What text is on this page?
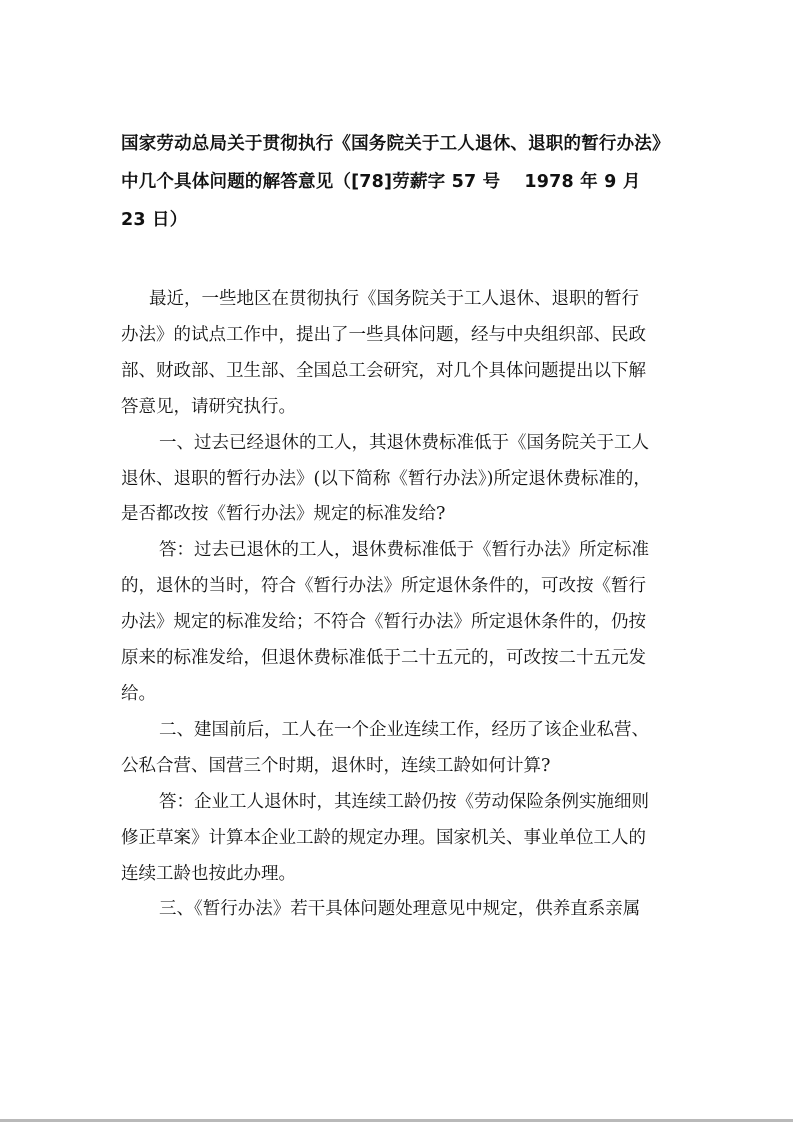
国家劳动总局关于贯彻执行《国务院关于工人退休、退职的暂行办法》
中几个具体问题的解答意见（[78]劳薪字 57 号　 1978 年 9 月
23 日）

最近，一些地区在贯彻执行《国务院关于工人退休、退职的暂行
办法》的试点工作中，提出了一些具体问题，经与中央组织部、民政
部、财政部、卫生部、全国总工会研究，对几个具体问题提出以下解
答意见，请研究执行。

一、过去已经退休的工人，其退休费标准低于《国务院关于工人
退休、退职的暂行办法》(以下简称《暂行办法》)所定退休费标准的，
是否都改按《暂行办法》规定的标准发给?

答：过去已退休的工人，退休费标准低于《暂行办法》所定标准
的，退休的当时，符合《暂行办法》所定退休条件的，可改按《暂行
办法》规定的标准发给；不符合《暂行办法》所定退休条件的，仍按
原来的标准发给，但退休费标准低于二十五元的，可改按二十五元发
给。

二、建国前后，工人在一个企业连续工作，经历了该企业私营、
公私合营、国营三个时期，退休时，连续工龄如何计算?

答：企业工人退休时，其连续工龄仍按《劳动保险条例实施细则
修正草案》计算本企业工龄的规定办理。国家机关、事业单位工人的
连续工龄也按此办理。

三、《暂行办法》若干具体问题处理意见中规定，供养直系亲属
